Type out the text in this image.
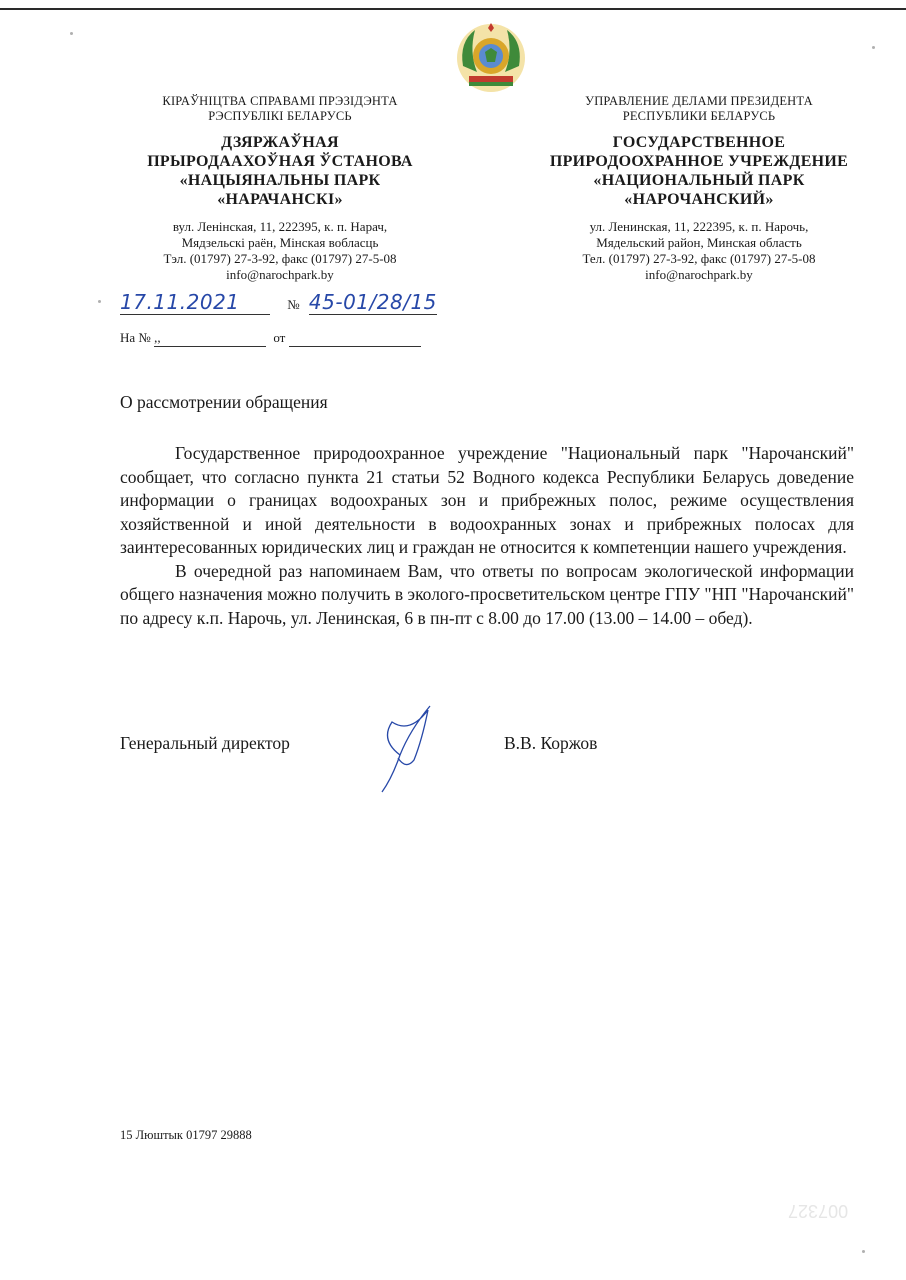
КІРАЎНІЦТВА СПРАВАМІ ПРЭЗІДЭНТА
РЭСПУБЛІКІ БЕЛАРУСЬ
ДЗЯРЖАЎНАЯ
ПРЫРОДААХОЎНАЯ ЎСТАНОВА
«НАЦЫЯНАЛЬНЫ ПАРК
«НАРАЧАНСКІ»
вул. Ленінская, 11, 222395, к. п. Нарач,
Мядзельскі раён, Мінская вобласць
Тэл. (01797) 27-3-92, факс (01797) 27-5-08
info@narochpark.by
УПРАВЛЕНИЕ ДЕЛАМИ ПРЕЗИДЕНТА
РЕСПУБЛИКИ БЕЛАРУСЬ
ГОСУДАРСТВЕННОЕ
ПРИРОДООХРАННОЕ УЧРЕЖДЕНИЕ
«НАЦИОНАЛЬНЫЙ ПАРК
«НАРОЧАНСКИЙ»
ул. Ленинская, 11, 222395, к. п. Нарочь,
Мядельский район, Минская область
Тел. (01797) 27-3-92, факс (01797) 27-5-08
info@narochpark.by
17.11.2021	№ 45-01/28/15
На № ,,	от
О рассмотрении обращения

Государственное природоохранное учреждение "Национальный парк "Нарочанский" сообщает, что согласно пункта 21 статьи 52 Водного кодекса Республики Беларусь доведение информации о границах водоохраных зон и прибрежных полос, режиме осуществления хозяйственной и иной деятельности в водоохранных зонах и прибрежных полосах для заинтересованных юридических лиц и граждан не относится к компетенции нашего учреждения.

В очередной раз напоминаем Вам, что ответы по вопросам экологической информации общего назначения можно получить в эколого-просветительском центре ГПУ "НП "Нарочанский" по адресу к.п. Нарочь, ул. Ленинская, 6 в пн-пт с 8.00 до 17.00 (13.00 – 14.00 – обед).

Генеральный директор	В.В. Коржов
15 Люштык 01797 29888
007327
